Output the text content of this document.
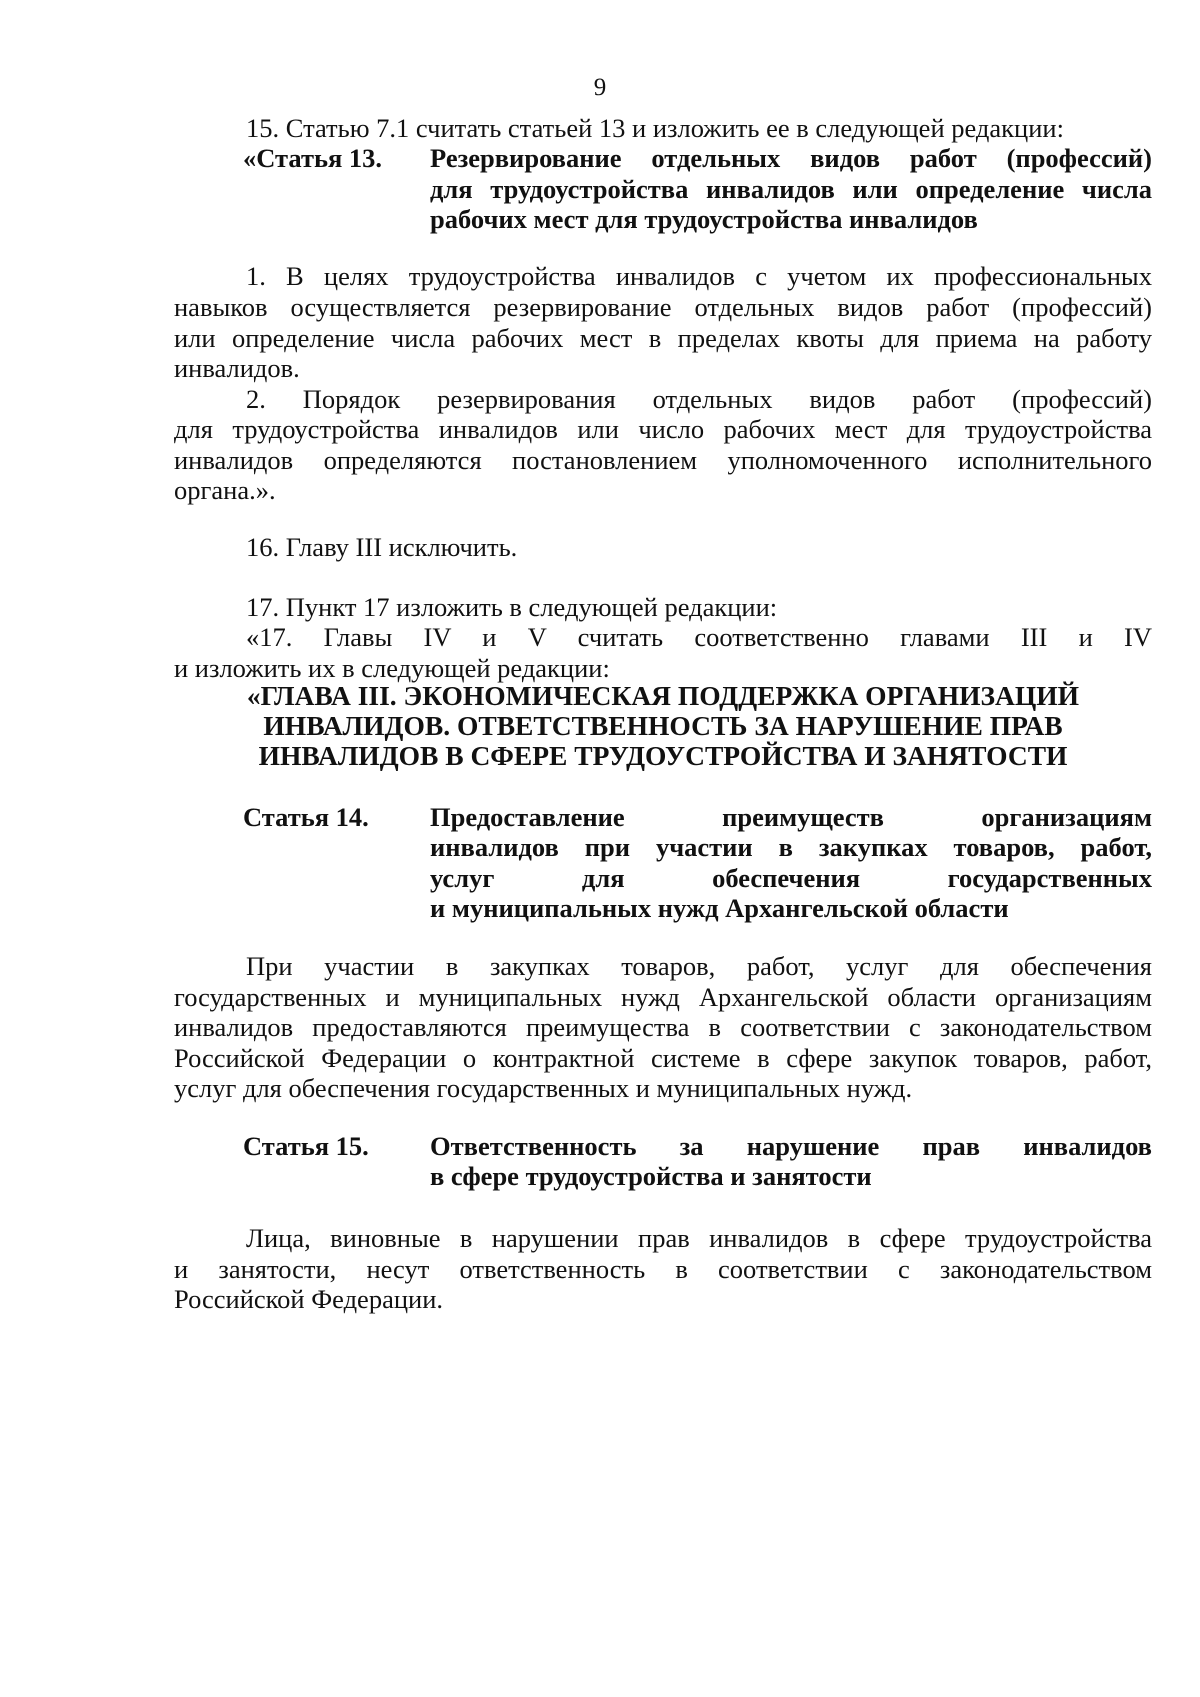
9

15. Статью 7.1 считать статьей 13 и изложить ее в следующей редакции:

«Статья 13. Резервирование отдельных видов работ (профессий)
для трудоустройства инвалидов или определение числа
рабочих мест для трудоустройства инвалидов

1. В целях трудоустройства инвалидов с учетом их профессиональных

навыков осуществляется резервирование отдельных видов работ (профессий)

или определение числа рабочих мест в пределах квоты для приема на работу

инвалидов.

2. Порядок резервирования отдельных видов работ (профессий)

для трудоустройства инвалидов или число рабочих мест для трудоустройства

инвалидов определяются постановлением уполномоченного исполнительного

органа.».

16. Главу III исключить.

17. Пункт 17 изложить в следующей редакции:

«17. Главы IV и V считать соответственно главами III и IV

и изложить их в следующей редакции:

«ГЛАВА III. ЭКОНОМИЧЕСКАЯ ПОДДЕРЖКА ОРГАНИЗАЦИЙ
ИНВАЛИДОВ. ОТВЕТСТВЕННОСТЬ ЗА НАРУШЕНИЕ ПРАВ
ИНВАЛИДОВ В СФЕРЕ ТРУДОУСТРОЙСТВА И ЗАНЯТОСТИ
Статья 14. Предоставление преимуществ организациям
инвалидов при участии в закупках товаров, работ,
услуг для обеспечения государственных
и муниципальных нужд Архангельской области

При участии в закупках товаров, работ, услуг для обеспечения

государственных и муниципальных нужд Архангельской области организациям

инвалидов предоставляются преимущества в соответствии с законодательством

Российской Федерации о контрактной системе в сфере закупок товаров, работ,

услуг для обеспечения государственных и муниципальных нужд.

Статья 15. Ответственность за нарушение прав инвалидов
в сфере трудоустройства и занятости

Лица, виновные в нарушении прав инвалидов в сфере трудоустройства

и занятости, несут ответственность в соответствии с законодательством

Российской Федерации.
